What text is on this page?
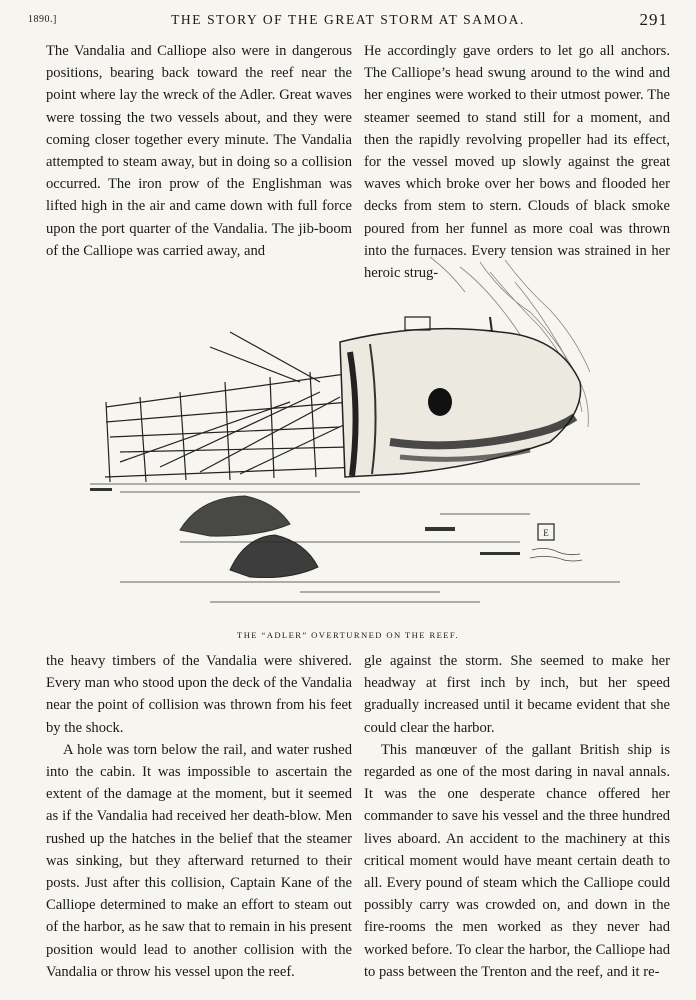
1890.]	THE STORY OF THE GREAT STORM AT SAMOA.	291

The Vandalia and Calliope also were in dangerous positions, bearing back toward the reef near the point where lay the wreck of the Adler. Great waves were tossing the two vessels about, and they were coming closer together every minute. The Vandalia attempted to steam away, but in doing so a collision occurred. The iron prow of the Englishman was lifted high in the air and came down with full force upon the port quarter of the Vandalia. The jib-boom of the Calliope was carried away, and

He accordingly gave orders to let go all anchors. The Calliope’s head swung around to the wind and her engines were worked to their utmost power. The steamer seemed to stand still for a moment, and then the rapidly revolving propeller had its effect, for the vessel moved up slowly against the great waves which broke over her bows and flooded her decks from stem to stern. Clouds of black smoke poured from her funnel as more coal was thrown into the furnaces. Every tension was strained in her heroic strug-

E
THE “ADLER” OVERTURNED ON THE REEF.

the heavy timbers of the Vandalia were shivered. Every man who stood upon the deck of the Vandalia near the point of collision was thrown from his feet by the shock.

A hole was torn below the rail, and water rushed into the cabin. It was impossible to ascertain the extent of the damage at the moment, but it seemed as if the Vandalia had received her death-blow. Men rushed up the hatches in the belief that the steamer was sinking, but they afterward returned to their posts. Just after this collision, Captain Kane of the Calliope determined to make an effort to steam out of the harbor, as he saw that to remain in his present position would lead to another collision with the Vandalia or throw his vessel upon the reef.

gle against the storm. She seemed to make her headway at first inch by inch, but her speed gradually increased until it became evident that she could clear the harbor.

This manœuver of the gallant British ship is regarded as one of the most daring in naval annals. It was the one desperate chance offered her commander to save his vessel and the three hundred lives aboard. An accident to the machinery at this critical moment would have meant certain death to all. Every pound of steam which the Calliope could possibly carry was crowded on, and down in the fire-rooms the men worked as they never had worked before. To clear the harbor, the Calliope had to pass between the Trenton and the reef, and it re-
